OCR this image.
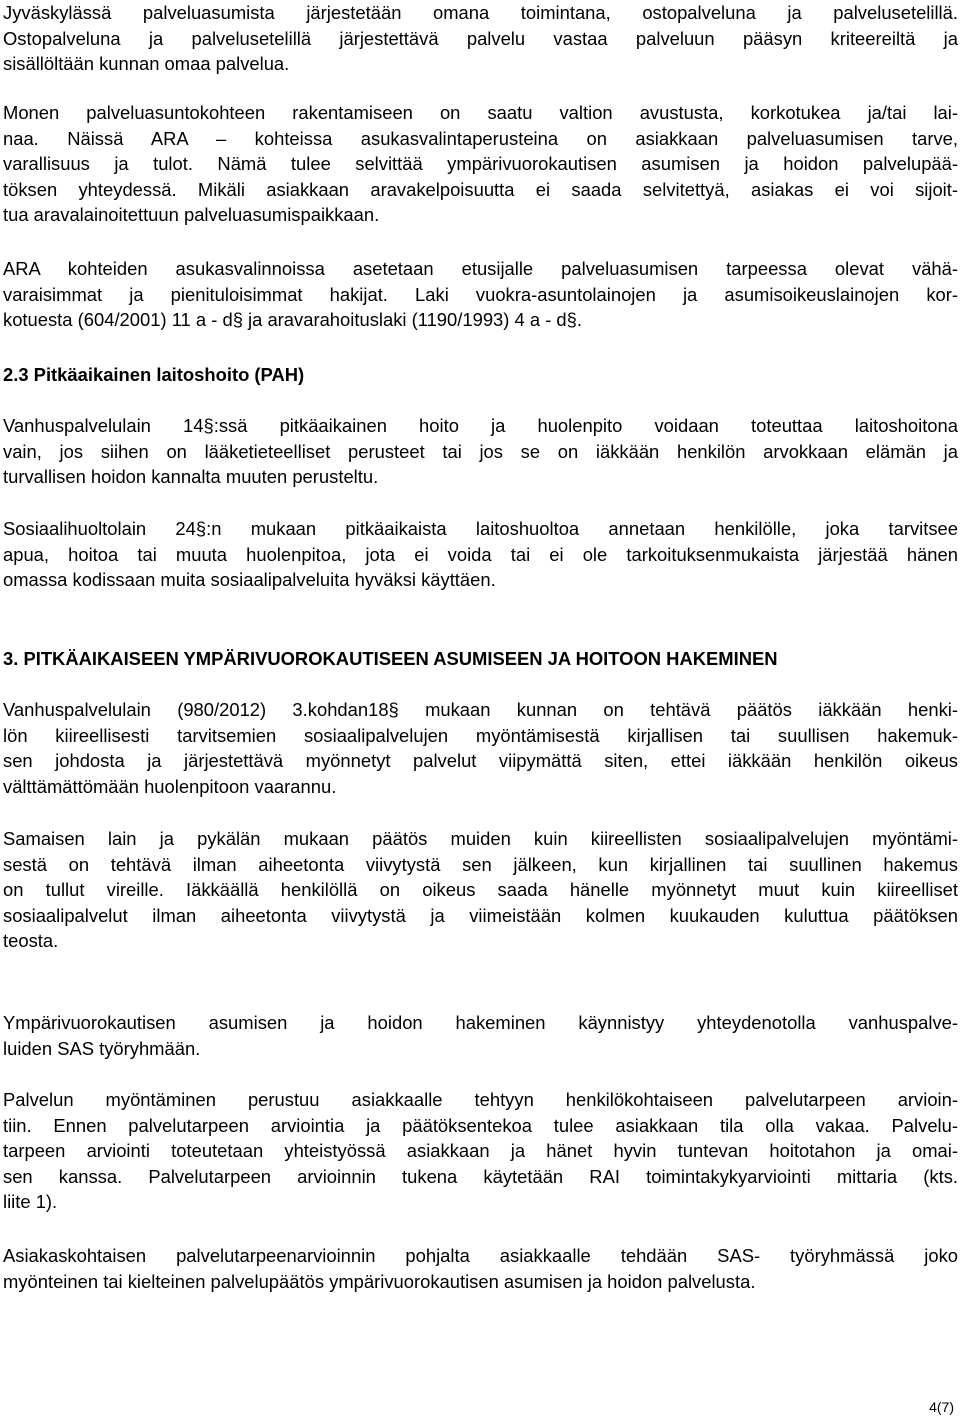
Jyväskylässä palveluasumista järjestetään omana toimintana, ostopalveluna ja palvelusetelillä.
Ostopalveluna ja palvelusetelillä järjestettävä palvelu vastaa palveluun pääsyn kriteereiltä ja
sisällöltään kunnan omaa palvelua.
Monen palveluasuntokohteen rakentamiseen on saatu valtion avustusta, korkotukea ja/tai lai-
naa. Näissä ARA – kohteissa asukasvalintaperusteina on asiakkaan palveluasumisen tarve,
varallisuus ja tulot. Nämä tulee selvittää ympärivuorokautisen asumisen ja hoidon palvelupää-
töksen yhteydessä. Mikäli asiakkaan aravakelpoisuutta ei saada selvitettyä, asiakas ei voi sijoit-
tua aravalainoitettuun palveluasumispaikkaan.
ARA kohteiden asukasvalinnoissa asetetaan etusijalle palveluasumisen tarpeessa olevat vähä-
varaisimmat ja pienituloisimmat hakijat. Laki vuokra-asuntolainojen ja asumisoikeuslainojen kor-
kotuesta (604/2001) 11 a - d§ ja aravarahoituslaki (1190/1993) 4 a - d§.
2.3 Pitkäaikainen laitoshoito (PAH)
Vanhuspalvelulain 14§:ssä pitkäaikainen hoito ja huolenpito voidaan toteuttaa laitoshoitona
vain, jos siihen on lääketieteelliset perusteet tai jos se on iäkkään henkilön arvokkaan elämän ja
turvallisen hoidon kannalta muuten perusteltu.
Sosiaalihuoltolain 24§:n mukaan pitkäaikaista laitoshuoltoa annetaan henkilölle, joka tarvitsee
apua, hoitoa tai muuta huolenpitoa, jota ei voida tai ei ole tarkoituksenmukaista järjestää hänen
omassa kodissaan muita sosiaalipalveluita hyväksi käyttäen.
3. PITKÄAIKAISEEN YMPÄRIVUOROKAUTISEEN ASUMISEEN JA HOITOON HAKEMINEN
Vanhuspalvelulain (980/2012) 3.kohdan18§ mukaan kunnan on tehtävä päätös iäkkään henki-
lön kiireellisesti tarvitsemien sosiaalipalvelujen myöntämisestä kirjallisen tai suullisen hakemuk-
sen johdosta ja järjestettävä myönnetyt palvelut viipymättä siten, ettei iäkkään henkilön oikeus
välttämättömään huolenpitoon vaarannu.
Samaisen lain ja pykälän mukaan päätös muiden kuin kiireellisten sosiaalipalvelujen myöntämi-
sestä on tehtävä ilman aiheetonta viivytystä sen jälkeen, kun kirjallinen tai suullinen hakemus
on tullut vireille. Iäkkäällä henkilöllä on oikeus saada hänelle myönnetyt muut kuin kiireelliset
sosiaalipalvelut ilman aiheetonta viivytystä ja viimeistään kolmen kuukauden kuluttua päätöksen
teosta.
Ympärivuorokautisen asumisen ja hoidon hakeminen käynnistyy yhteydenotolla vanhuspalve-
luiden SAS työryhmään.
Palvelun myöntäminen perustuu asiakkaalle tehtyyn henkilökohtaiseen palvelutarpeen arvioin-
tiin. Ennen palvelutarpeen arviointia ja päätöksentekoa tulee asiakkaan tila olla vakaa. Palvelu-
tarpeen arviointi toteutetaan yhteistyössä asiakkaan ja hänet hyvin tuntevan hoitotahon ja omai-
sen kanssa. Palvelutarpeen arvioinnin tukena käytetään RAI toimintakykyarviointi mittaria (kts.
liite 1).
Asiakaskohtaisen palvelutarpeenarvioinnin pohjalta asiakkaalle tehdään SAS- työryhmässä joko
myönteinen tai kielteinen palvelupäätös ympärivuorokautisen asumisen ja hoidon palvelusta.
4(7)
